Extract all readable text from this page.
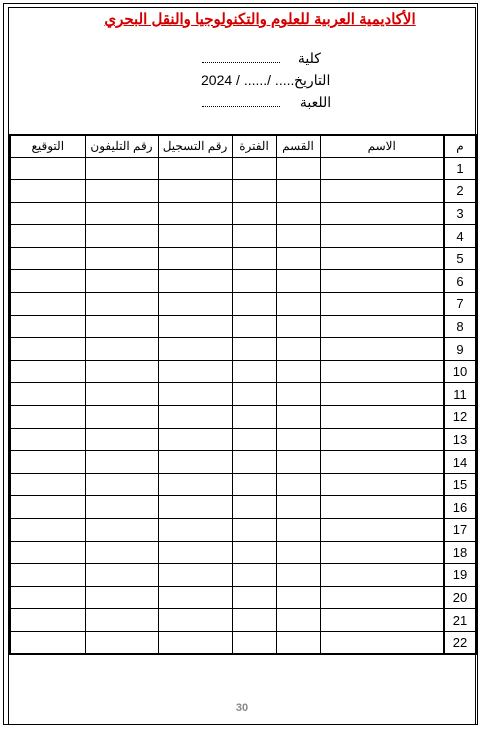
الأكاديمية العربية للعلوم والتكنولوجيا والنقل البحري
كلية
التاريخ
2024 / ....../ ......
اللعبة
م	الاسم	القسم	الفترة	رقم التسجيل	رقم التليفون	التوقيع
1						
2						
3						
4						
5						
6						
7						
8						
9						
10						
11						
12						
13						
14						
15						
16						
17						
18						
19						
20						
21						
22						
30
